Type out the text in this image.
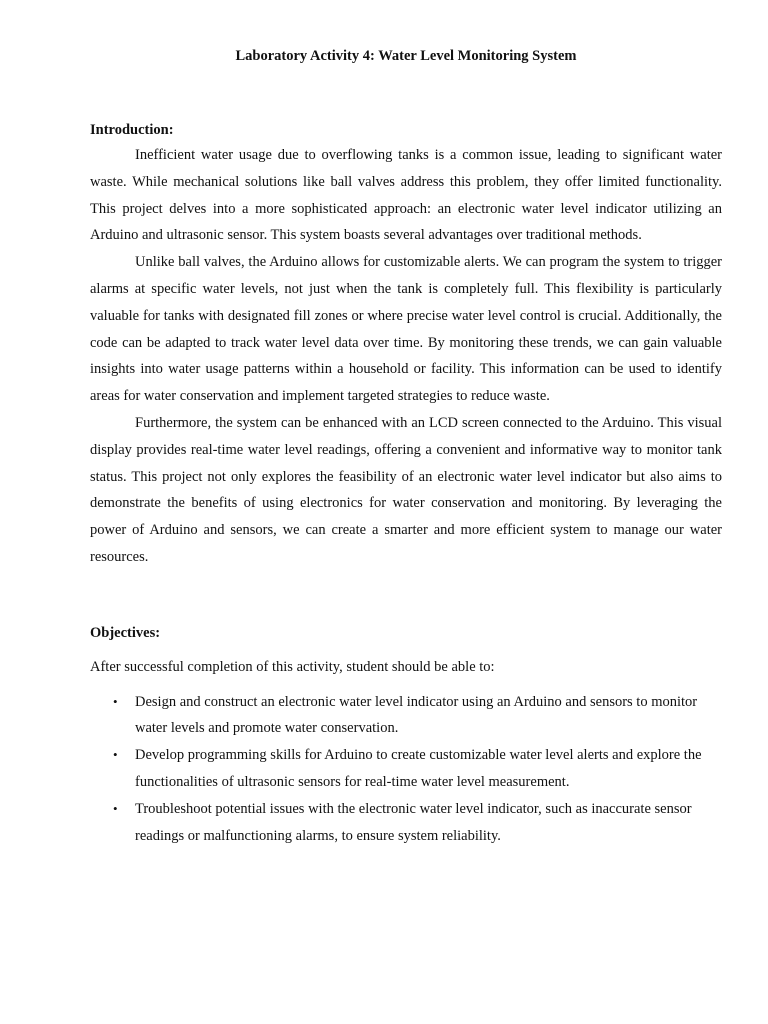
Laboratory Activity 4: Water Level Monitoring System
Introduction:

Inefficient water usage due to overflowing tanks is a common issue, leading to significant water waste. While mechanical solutions like ball valves address this problem, they offer limited functionality. This project delves into a more sophisticated approach: an electronic water level indicator utilizing an Arduino and ultrasonic sensor. This system boasts several advantages over traditional methods.

Unlike ball valves, the Arduino allows for customizable alerts. We can program the system to trigger alarms at specific water levels, not just when the tank is completely full. This flexibility is particularly valuable for tanks with designated fill zones or where precise water level control is crucial. Additionally, the code can be adapted to track water level data over time. By monitoring these trends, we can gain valuable insights into water usage patterns within a household or facility. This information can be used to identify areas for water conservation and implement targeted strategies to reduce waste.

Furthermore, the system can be enhanced with an LCD screen connected to the Arduino. This visual display provides real-time water level readings, offering a convenient and informative way to monitor tank status. This project not only explores the feasibility of an electronic water level indicator but also aims to demonstrate the benefits of using electronics for water conservation and monitoring. By leveraging the power of Arduino and sensors, we can create a smarter and more efficient system to manage our water resources.

Objectives:

After successful completion of this activity, student should be able to:

• Design and construct an electronic water level indicator using an Arduino and sensors to monitor water levels and promote water conservation.
• Develop programming skills for Arduino to create customizable water level alerts and explore the functionalities of ultrasonic sensors for real-time water level measurement.
• Troubleshoot potential issues with the electronic water level indicator, such as inaccurate sensor readings or malfunctioning alarms, to ensure system reliability.
